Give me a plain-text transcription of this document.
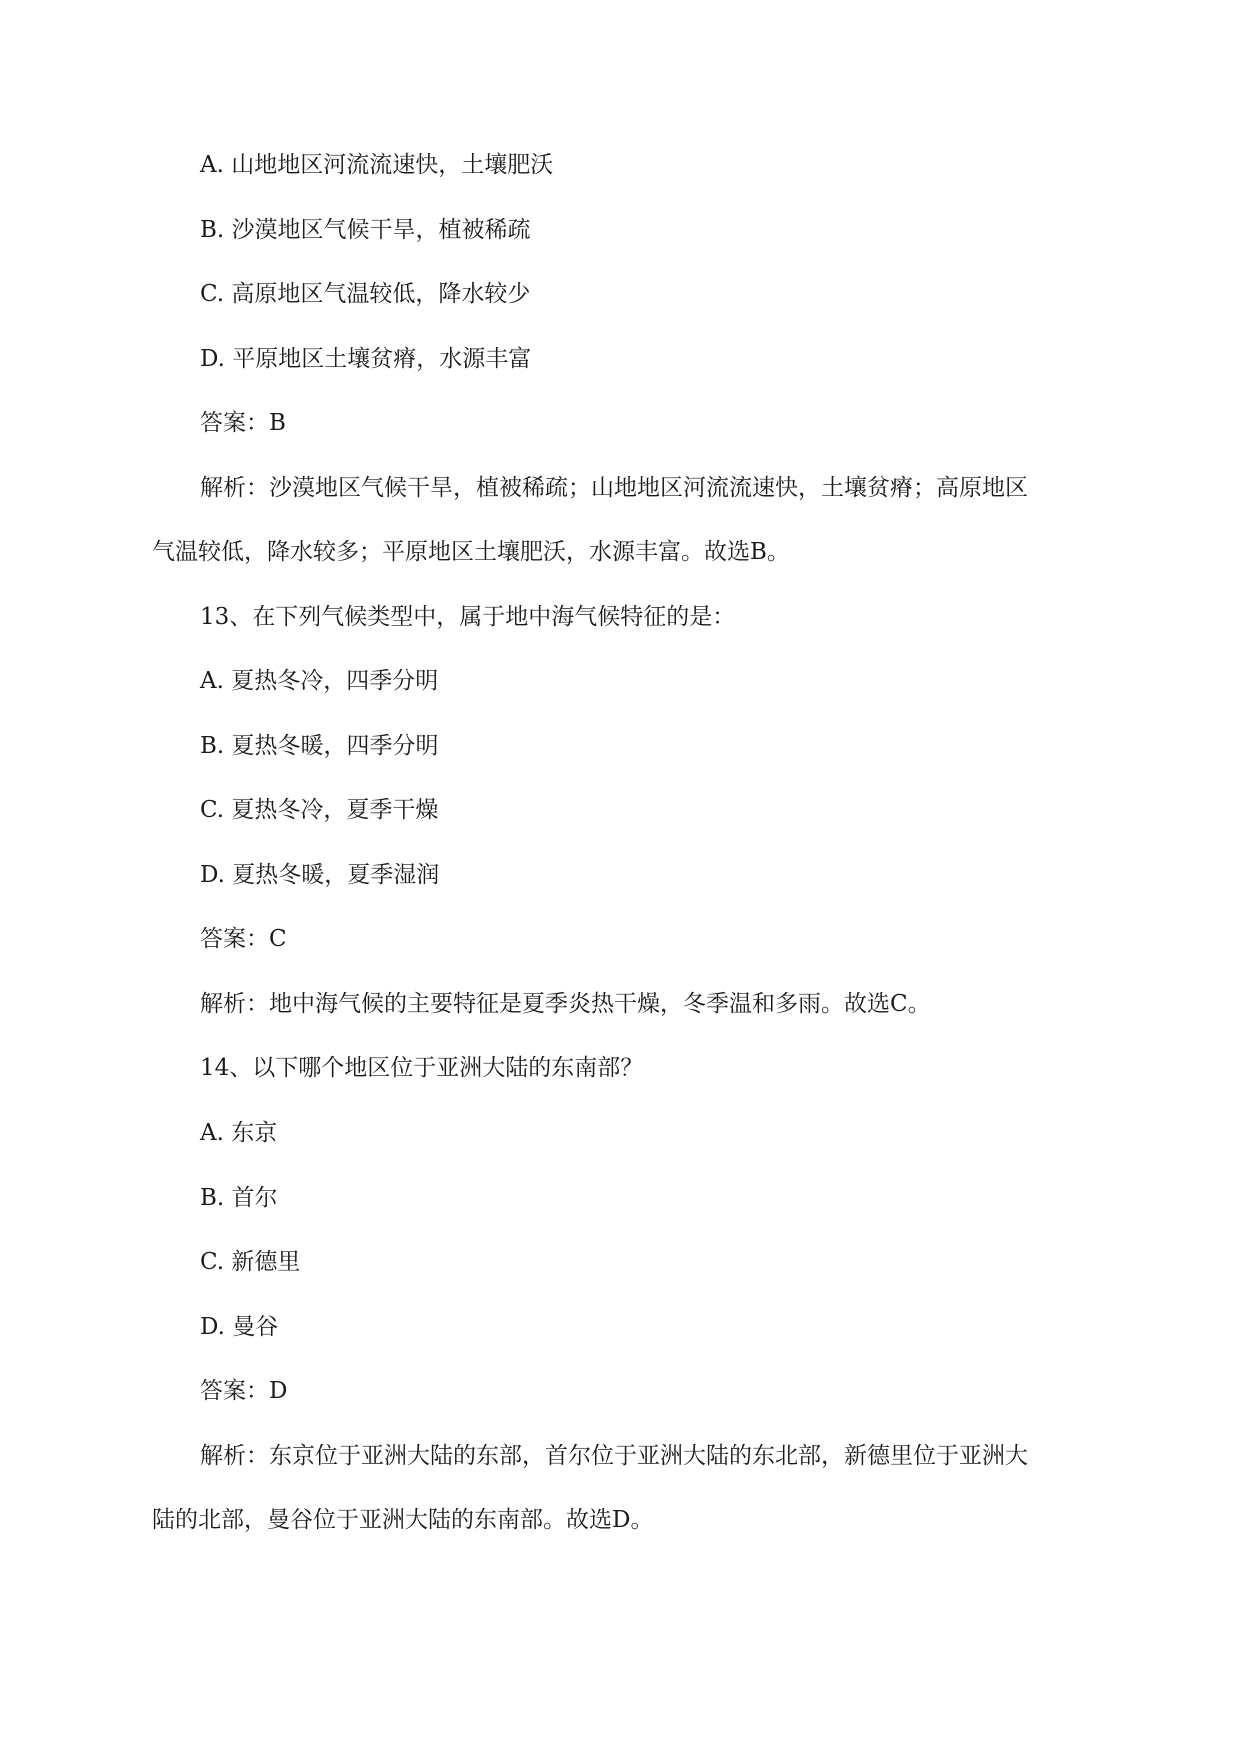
A. 山地地区河流流速快，土壤肥沃
B. 沙漠地区气候干旱，植被稀疏
C. 高原地区气温较低，降水较少
D. 平原地区土壤贫瘠，水源丰富
答案：B
解析：沙漠地区气候干旱，植被稀疏；山地地区河流流速快，土壤贫瘠；高原地区
气温较低，降水较多；平原地区土壤肥沃，水源丰富。故选B。
13、在下列气候类型中，属于地中海气候特征的是：
A. 夏热冬冷，四季分明
B. 夏热冬暖，四季分明
C. 夏热冬冷，夏季干燥
D. 夏热冬暖，夏季湿润
答案：C
解析：地中海气候的主要特征是夏季炎热干燥，冬季温和多雨。故选C。
14、以下哪个地区位于亚洲大陆的东南部？
A. 东京
B. 首尔
C. 新德里
D. 曼谷
答案：D
解析：东京位于亚洲大陆的东部，首尔位于亚洲大陆的东北部，新德里位于亚洲大
陆的北部，曼谷位于亚洲大陆的东南部。故选D。
